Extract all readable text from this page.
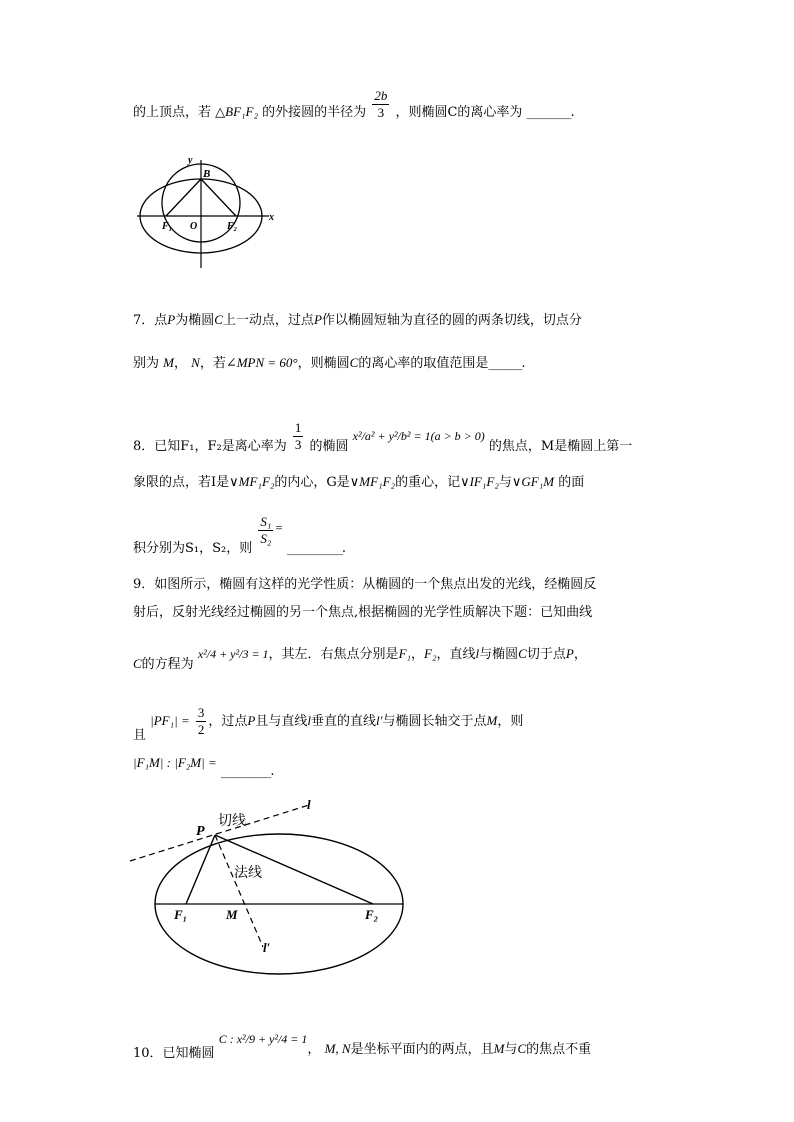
的上顶点，若 △BF₁F₂ 的外接圆的半径为 $\frac{2b}{3}$ ，则椭圆C的离心率为 ________.
y
B
F₁ O	F₂
x
7．点P为椭圆C上一动点，过点P作以椭圆短轴为直径的圆的两条切线，切点分
别为 M， N，若∠MPN = 60°，则椭圆C的离心率的取值范围是______.
8．已知F₁，F₂是离心率为 $\frac{1}{3}$ 的椭圆 x²/a² + y²/b² = 1(a > b > 0) 的焦点，M是椭圆上第一
象限的点，若I是∨MF₁F₂的内心，G是∨MF₁F₂的重心，记∨IF₁F₂与∨GF₁M 的面
积分别为S₁，S₂，则
$\frac{\text{S₁}}{\text{S₂}}$ = __________.
9．如图所示，椭圆有这样的光学性质：从椭圆的一个焦点出发的光线，经椭圆反
射后，反射光线经过椭圆的另一个焦点,根据椭圆的光学性质解决下题：已知曲线
C的方程为 x²/4 + y²/3 = 1，其左．右焦点分别是F₁，F₂，直线l与椭圆C切于点P，
且 $|PF_1| = \frac{3}{2}$ ，过点P且与直线l垂直的直线l′与椭圆长轴交于点M，则
|F₁M| : |F₂M| = _________.
切线
法线
P
l
l′
F₁	M	F₂
10．已知椭圆 C : x²/9 + y²/4 = 1， M, N是坐标平面内的两点，且M与C的焦点不重
